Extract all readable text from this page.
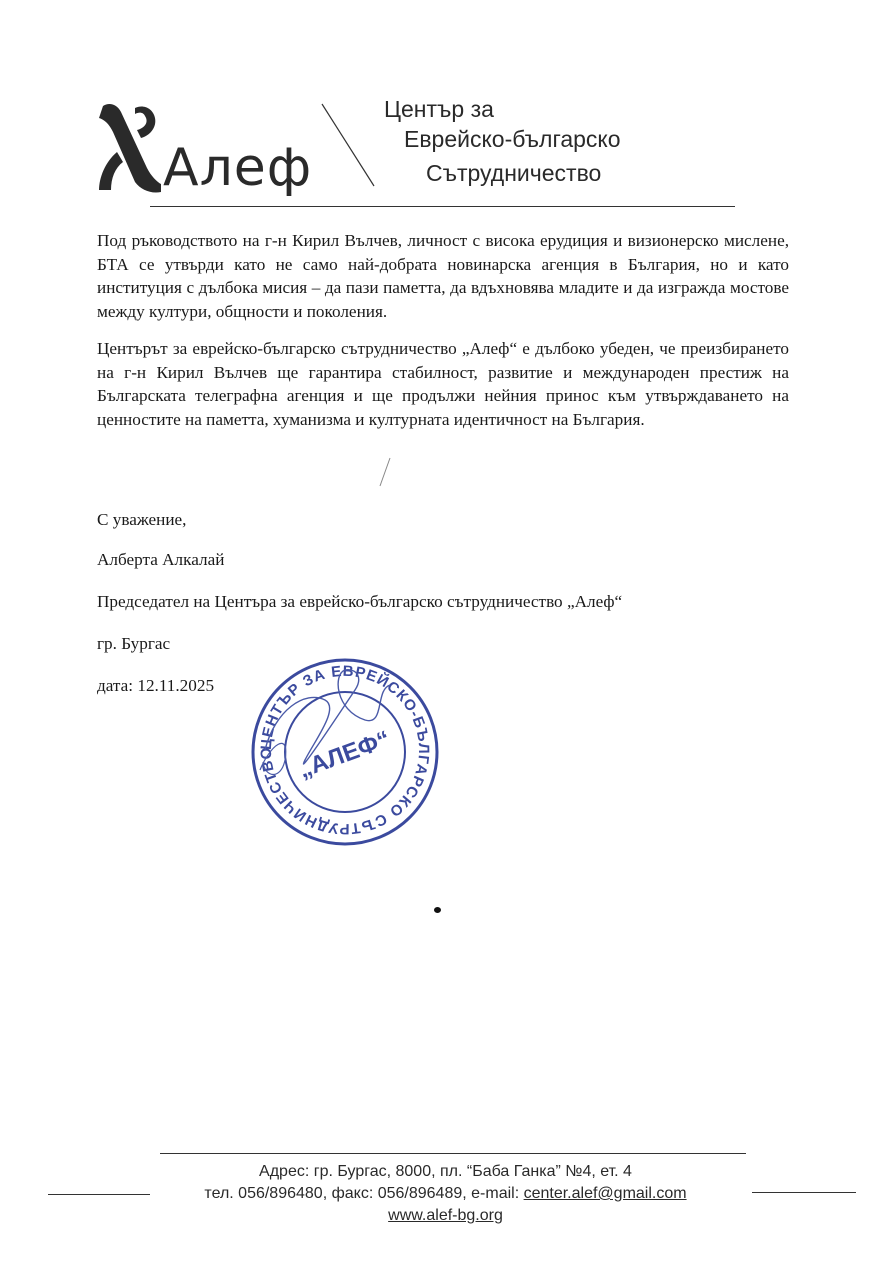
Алеф
Център за
Еврейско-българско
Сътрудничество

Под ръководството на г-н Кирил Вълчев, личност с висока ерудиция и визионерско мислене, БТА се утвърди като не само най-добрата новинарска агенция в България, но и като институция с дълбока мисия – да пази паметта, да вдъхновява младите и да изгражда мостове между култури, общности и поколения.

Центърът за еврейско-българско сътрудничество „Алеф“ е дълбоко убеден, че преизбирането на г-н Кирил Вълчев ще гарантира стабилност, развитие и международен престиж на Българската телеграфна агенция и ще продължи нейния принос към утвърждаването на ценностите на паметта, хуманизма и културната идентичност на България.

С уважение,
Алберта Алкалай
Председател на Центъра за еврейско-българско сътрудничество „Алеф“
гр. Бургас
дата: 12.11.2025
ЦЕНТЪР ЗА ЕВРЕЙСКО-БЪЛГАРСКО СЪТРУДНИЧЕСТВО „АЛЕФ“
Адрес: гр. Бургас, 8000, пл. “Баба Ганка” №4, ет. 4
тел. 056/896480, факс: 056/896489, e-mail: center.alef@gmail.com
www.alef-bg.org
